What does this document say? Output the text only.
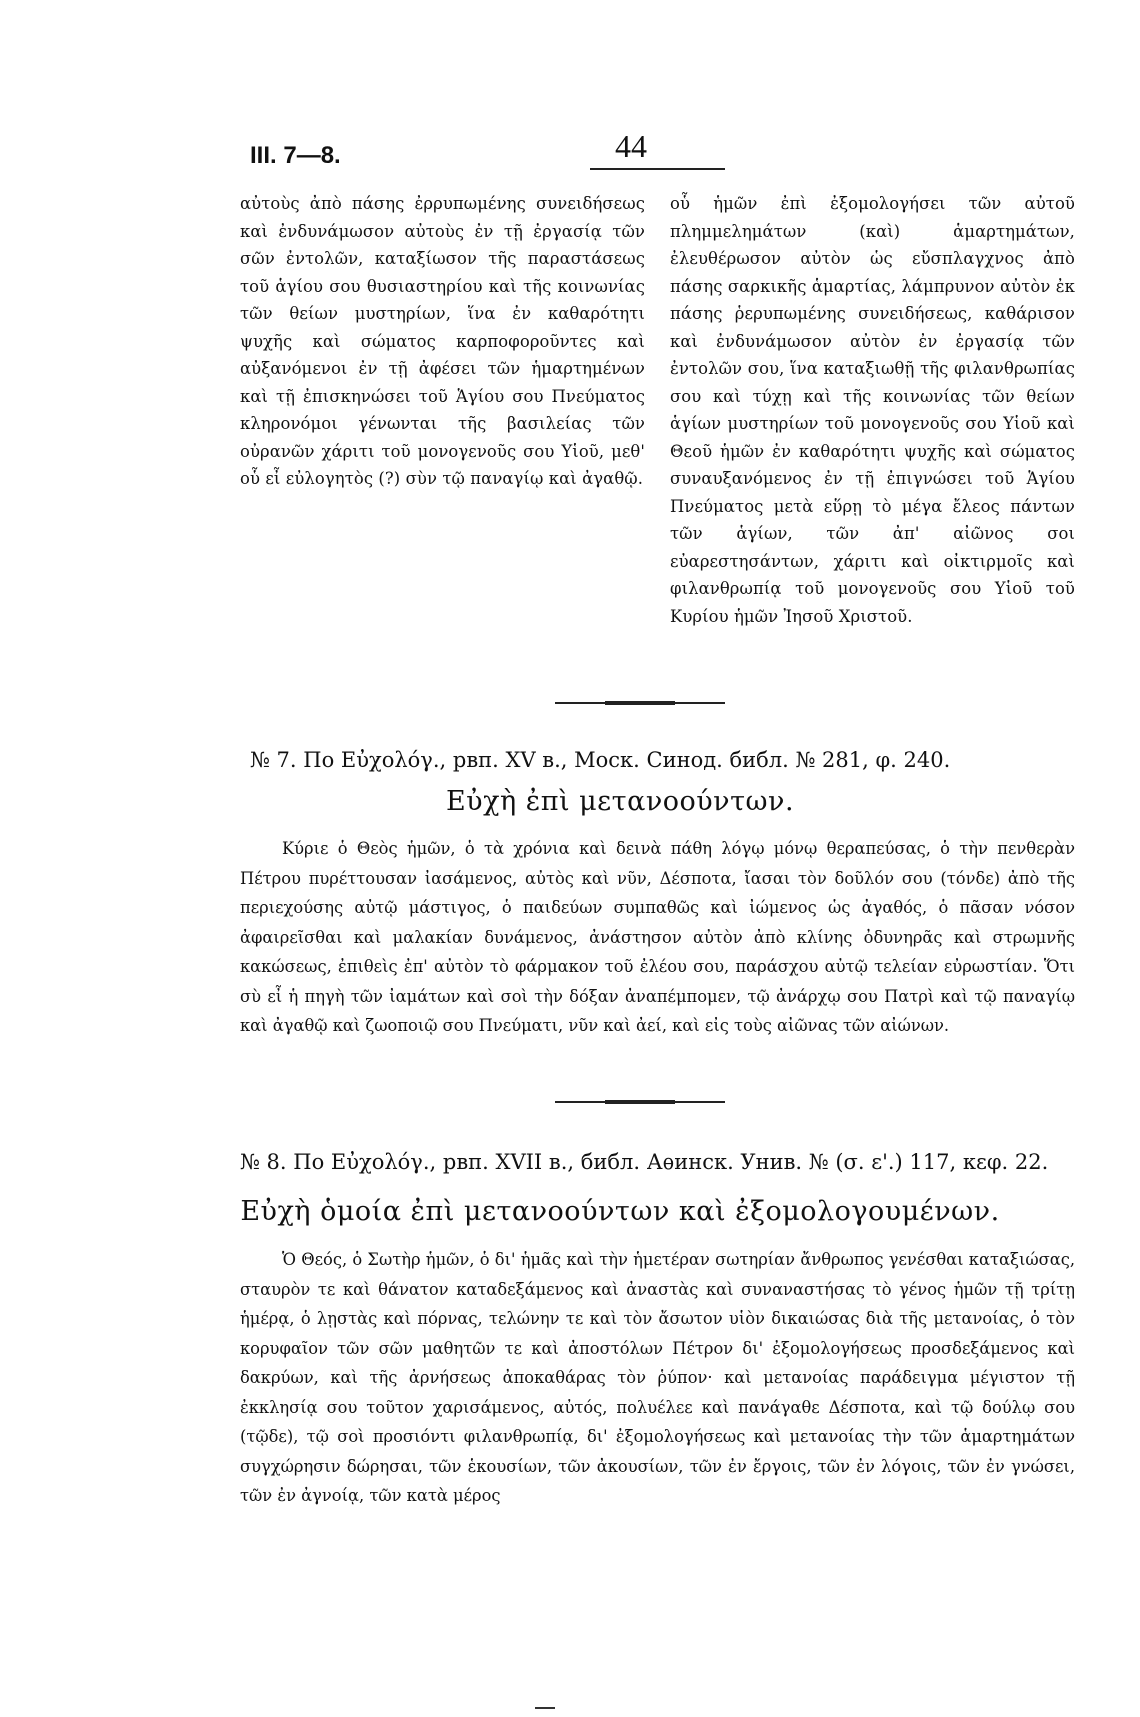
III. 7—8.	44

αὐτοὺς ἀπὸ πάσης ἐρρυπωμένης συνειδήσεως καὶ ἐνδυνάμωσον αὐτοὺς ἐν τῇ ἐργασίᾳ τῶν σῶν ἐντολῶν, καταξίωσον τῆς παραστάσεως τοῦ ἁγίου σου θυσιαστηρίου καὶ τῆς κοινωνίας τῶν θείων μυστηρίων, ἵνα ἐν καθαρότητι ψυχῆς καὶ σώματος καρποφοροῦντες καὶ αὐξανόμενοι ἐν τῇ ἀφέσει τῶν ἡμαρτημένων καὶ τῇ ἐπισκηνώσει τοῦ Ἁγίου σου Πνεύματος κληρονόμοι γένωνται τῆς βασιλείας τῶν οὐρανῶν χάριτι τοῦ μονογενοῦς σου Υἱοῦ, μεθ' οὗ εἶ εὐλογητὸς (?) σὺν τῷ παναγίῳ καὶ ἀγαθῷ.

οὗ ἡμῶν ἐπὶ ἐξομολογήσει τῶν αὐτοῦ πλημμελημάτων (καὶ) ἁμαρτημάτων, ἐλευθέρωσον αὐτὸν ὡς εὔσπλαγχνος ἀπὸ πάσης σαρκικῆς ἁμαρτίας, λάμπρυνον αὐτὸν ἐκ πάσης ῥερυπωμένης συνειδήσεως, καθάρισον καὶ ἐνδυνάμωσον αὐτὸν ἐν ἐργασίᾳ τῶν ἐντολῶν σου, ἵνα καταξιωθῇ τῆς φιλανθρωπίας σου καὶ τύχῃ καὶ τῆς κοινωνίας τῶν θείων ἁγίων μυστηρίων τοῦ μονογενοῦς σου Υἱοῦ καὶ Θεοῦ ἡμῶν ἐν καθαρότητι ψυχῆς καὶ σώματος συναυξανόμενος ἐν τῇ ἐπιγνώσει τοῦ Ἁγίου Πνεύματος μετὰ εὕρῃ τὸ μέγα ἔλεος πάντων τῶν ἁγίων, τῶν ἀπ' αἰῶνος σοι εὐαρεστησάντων, χάριτι καὶ οἰκτιρμοῖς καὶ φιλανθρωπίᾳ τοῦ μονογενοῦς σου Υἱοῦ τοῦ Κυρίου ἡμῶν Ἰησοῦ Χριστοῦ.

№ 7. По Εὐχολόγ., рвп. XV в., Моск. Синод. библ. № 281, φ. 240.
Εὐχὴ ἐπὶ μετανοούντων.

Κύριε ὁ Θεὸς ἡμῶν, ὁ τὰ χρόνια καὶ δεινὰ πάθη λόγῳ μόνῳ θεραπεύσας, ὁ τὴν πενθερὰν Πέτρου πυρέττουσαν ἰασάμενος, αὐτὸς καὶ νῦν, Δέσποτα, ἴασαι τὸν δοῦλόν σου (τόνδε) ἀπὸ τῆς περιεχούσης αὐτῷ μάστιγος, ὁ παιδεύων συμπαθῶς καὶ ἰώμενος ὡς ἀγαθός, ὁ πᾶσαν νόσον ἀφαιρεῖσθαι καὶ μαλακίαν δυνάμενος, ἀνάστησον αὐτὸν ἀπὸ κλίνης ὀδυνηρᾶς καὶ στρωμνῆς κακώσεως, ἐπιθεὶς ἐπ' αὐτὸν τὸ φάρμακον τοῦ ἐλέου σου, παράσχου αὐτῷ τελείαν εὐρωστίαν. Ὅτι σὺ εἶ ἡ πηγὴ τῶν ἰαμάτων καὶ σοὶ τὴν δόξαν ἀναπέμπομεν, τῷ ἀνάρχῳ σου Πατρὶ καὶ τῷ παναγίῳ καὶ ἀγαθῷ καὶ ζωοποιῷ σου Πνεύματι, νῦν καὶ ἀεί, καὶ εἰς τοὺς αἰῶνας τῶν αἰώνων.

№ 8. По Εὐχολόγ., рвп. XVII в., библ. Аѳинск. Унив. № (σ. ε'.) 117, κεφ. 22.
Εὐχὴ ὁμοία ἐπὶ μετανοούντων καὶ ἐξομολογουμένων.

Ὁ Θεός, ὁ Σωτὴρ ἡμῶν, ὁ δι' ἡμᾶς καὶ τὴν ἡμετέραν σωτηρίαν ἄνθρωπος γενέσθαι καταξιώσας, σταυρὸν τε καὶ θάνατον καταδεξάμενος καὶ ἀναστὰς καὶ συναναστήσας τὸ γένος ἡμῶν τῇ τρίτῃ ἡμέρᾳ, ὁ λῃστὰς καὶ πόρνας, τελώνην τε καὶ τὸν ἄσωτον υἱὸν δικαιώσας διὰ τῆς μετανοίας, ὁ τὸν κορυφαῖον τῶν σῶν μαθητῶν τε καὶ ἀποστόλων Πέτρον δι' ἐξομολογήσεως προσδεξάμενος καὶ δακρύων, καὶ τῆς ἀρνήσεως ἀποκαθάρας τὸν ῥύπον· καὶ μετανοίας παράδειγμα μέγιστον τῇ ἐκκλησίᾳ σου τοῦτον χαρισάμενος, αὐτός, πολυέλεε καὶ πανάγαθε Δέσποτα, καὶ τῷ δούλῳ σου (τῷδε), τῷ σοὶ προσιόντι φιλανθρωπίᾳ, δι' ἐξομολογήσεως καὶ μετανοίας τὴν τῶν ἁμαρτημάτων συγχώρησιν δώρησαι, τῶν ἑκουσίων, τῶν ἀκουσίων, τῶν ἐν ἔργοις, τῶν ἐν λόγοις, τῶν ἐν γνώσει, τῶν ἐν ἀγνοίᾳ, τῶν κατὰ μέρος
